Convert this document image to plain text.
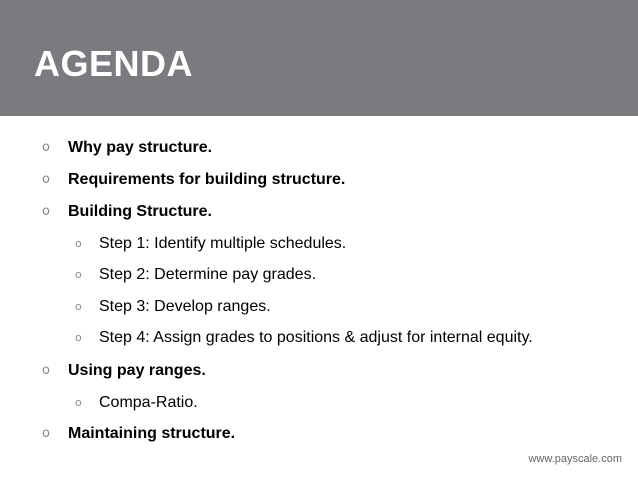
AGENDA
o Why pay structure.
o Requirements for building structure.
o Building Structure.
o Step 1: Identify multiple schedules.
o Step 2: Determine pay grades.
o Step 3: Develop ranges.
o Step 4: Assign grades to positions & adjust for internal equity.
o Using pay ranges.
o Compa-Ratio.
o Maintaining structure.
www.payscale.com
